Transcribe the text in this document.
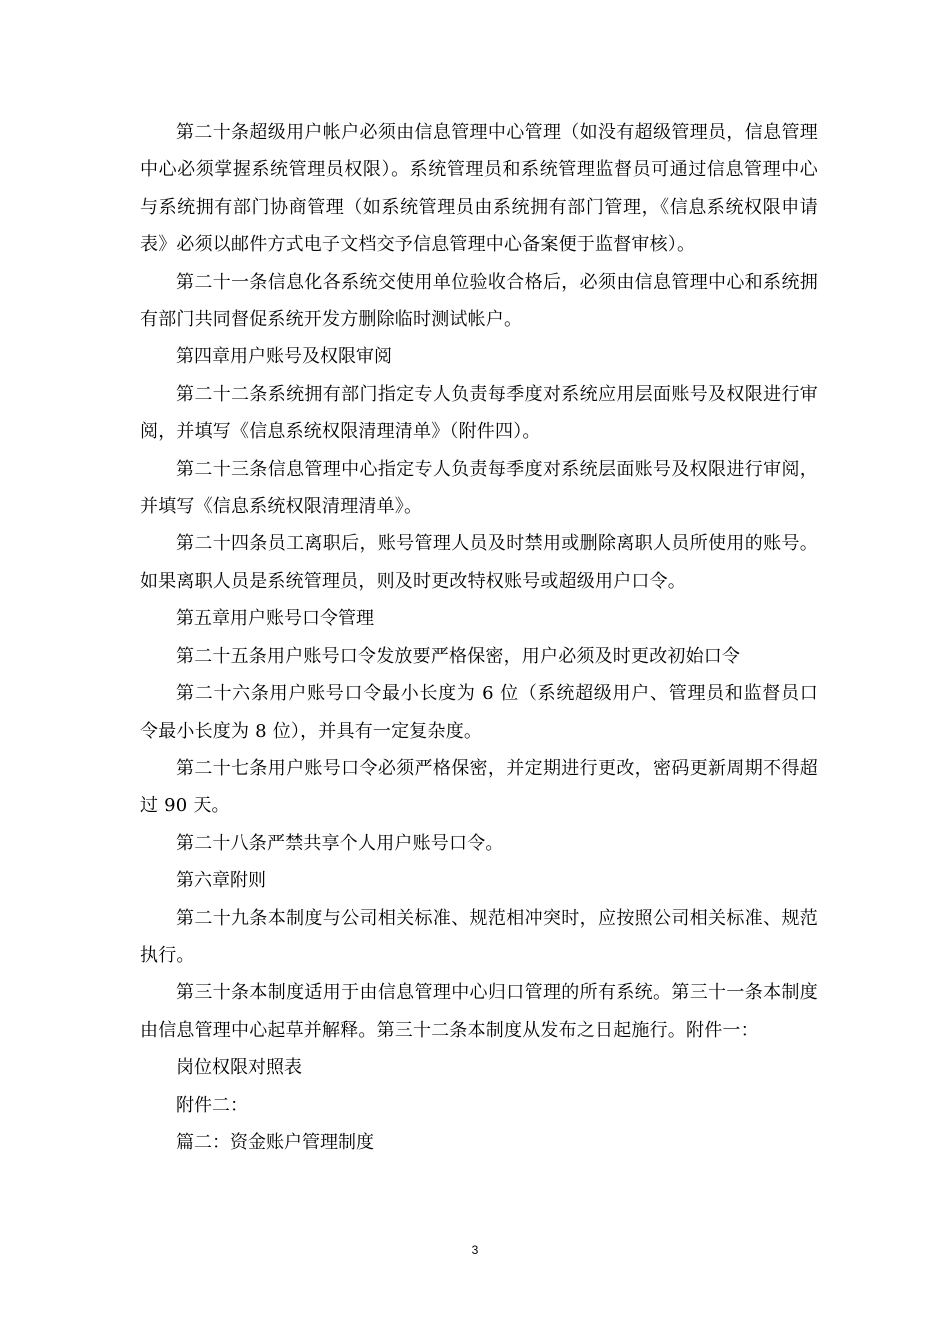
第二十条超级用户帐户必须由信息管理中心管理（如没有超级管理员，信息管理中心必须掌握系统管理员权限）。系统管理员和系统管理监督员可通过信息管理中心与系统拥有部门协商管理（如系统管理员由系统拥有部门管理，《信息系统权限申请表》必须以邮件方式电子文档交予信息管理中心备案便于监督审核）。

第二十一条信息化各系统交使用单位验收合格后，必须由信息管理中心和系统拥有部门共同督促系统开发方删除临时测试帐户。

第四章用户账号及权限审阅

第二十二条系统拥有部门指定专人负责每季度对系统应用层面账号及权限进行审阅，并填写《信息系统权限清理清单》（附件四）。

第二十三条信息管理中心指定专人负责每季度对系统层面账号及权限进行审阅，并填写《信息系统权限清理清单》。

第二十四条员工离职后，账号管理人员及时禁用或删除离职人员所使用的账号。如果离职人员是系统管理员，则及时更改特权账号或超级用户口令。

第五章用户账号口令管理

第二十五条用户账号口令发放要严格保密，用户必须及时更改初始口令

第二十六条用户账号口令最小长度为 6 位（系统超级用户、管理员和监督员口令最小长度为 8 位），并具有一定复杂度。

第二十七条用户账号口令必须严格保密，并定期进行更改，密码更新周期不得超过 90 天。

第二十八条严禁共享个人用户账号口令。

第六章附则

第二十九条本制度与公司相关标准、规范相冲突时，应按照公司相关标准、规范执行。

第三十条本制度适用于由信息管理中心归口管理的所有系统。第三十一条本制度由信息管理中心起草并解释。第三十二条本制度从发布之日起施行。附件一：

岗位权限对照表

附件二：

篇二：资金账户管理制度

3
